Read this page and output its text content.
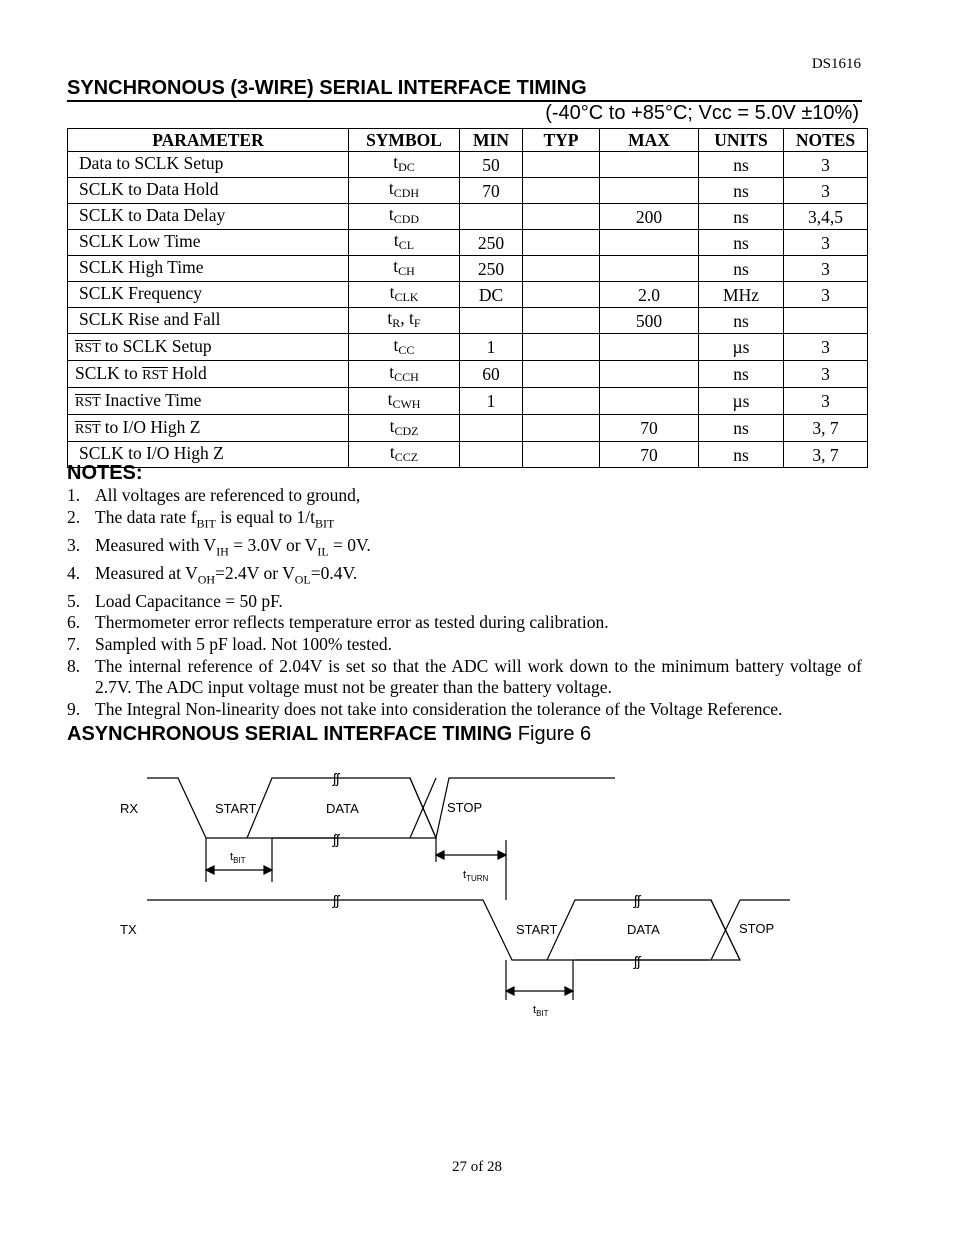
DS1616
SYNCHRONOUS (3-WIRE) SERIAL INTERFACE TIMING
(-40°C to +85°C; Vcc = 5.0V ±10%)
PARAMETER	SYMBOL	MIN	TYP	MAX	UNITS	NOTES
Data to SCLK Setup	tDC	50			ns	3
SCLK to Data Hold	tCDH	70			ns	3
SCLK to Data Delay	tCDD			200	ns	3,4,5
SCLK Low Time	tCL	250			ns	3
SCLK High Time	tCH	250			ns	3
SCLK Frequency	tCLK	DC		2.0	MHz	3
SCLK Rise and Fall	tR, tF			500	ns	
$\overline{RST}$ to SCLK Setup	tCC	1			µs	3
SCLK to $\overline{RST}$ Hold	tCCH	60			ns	3
$\overline{RST}$ Inactive Time	tCWH	1			µs	3
$\overline{RST}$ to I/O High Z	tCDZ			70	ns	3, 7
SCLK to I/O High Z	tCCZ			70	ns	3, 7
NOTES:
1. All voltages are referenced to ground,
2. The data rate $f_{BIT}$ is equal to $1/t_{BIT}$
3. Measured with $V_{IH} = 3.0V$ or $V_{IL} = 0V$.
4. Measured at $V_{OH}=2.4V$ or $V_{OL}=0.4V$.
5. Load Capacitance = 50 pF.
6. Thermometer error reflects temperature error as tested during calibration.
7. Sampled with 5 pF load. Not 100% tested.
8. The internal reference of 2.04V is set so that the ADC will work down to the minimum battery voltage of 2.7V. The ADC input voltage must not be greater than the battery voltage.
9. The Integral Non-linearity does not take into consideration the tolerance of the Voltage Reference.
ASYNCHRONOUS SERIAL INTERFACE TIMING Figure 6
RX
TX
START	DATA	STOP
START	DATA	STOP
ʃʃ
ʃʃ
ʃʃ	ʃʃ
ʃʃ
$t_{BIT}$
$t_{TURN}$
$t_{BIT}$
27 of 28
